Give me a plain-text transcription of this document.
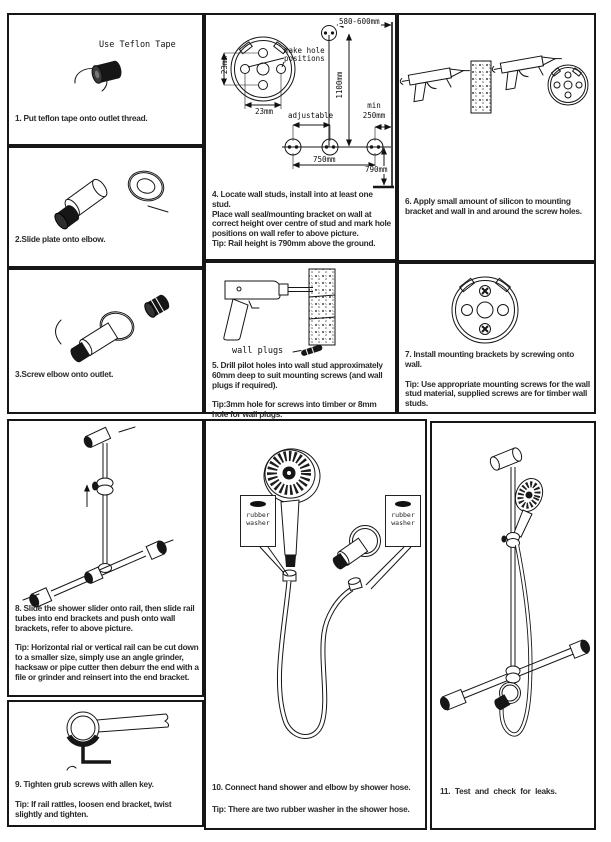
Use Teflon Tape
1. Put teflon tape onto outlet thread.
2.Slide plate onto elbow.
3.Screw elbow onto outlet.
make hole positions
23mm
23mm
580-600mm
1100mm
adjustable
min
250mm
750mm
790mm
4. Locate wall studs, install into at least one stud.
Place wall seal/mounting bracket on wall at correct height over centre of stud and mark hole positions on wall refer to above picture.
Tip: Rail height is 790mm above the ground.
wall plugs
5. Drill pilot holes into wall stud approximately 60mm deep to suit mounting screws (and wall plugs if required).
Tip:3mm hole for screws into timber or 8mm hole for wall plugs.
6. Apply small amount of silicon to mounting bracket and wall in and around the screw holes.
7. Install mounting brackets by screwing onto wall.
Tip: Use appropriate mounting screws for the wall stud material, supplied screws are for timber wall studs.
8. Slide the shower slider onto rail, then slide rail tubes into end brackets and push onto wall brackets, refer to above picture.
Tip: Horizontal rial or vertical rail can be cut down to a smaller size, simply use an angle grinder, hacksaw or pipe cutter then deburr the end with a file or grinder and reinsert into the end bracket.
9. Tighten grub screws with allen key.
Tip: If rail rattles, loosen end bracket, twist slightly and tighten.
rubber washer
rubber washer
10. Connect hand shower and elbow by shower hose.
Tip: There are two rubber washer in the shower hose.
11. Test and check for leaks.
